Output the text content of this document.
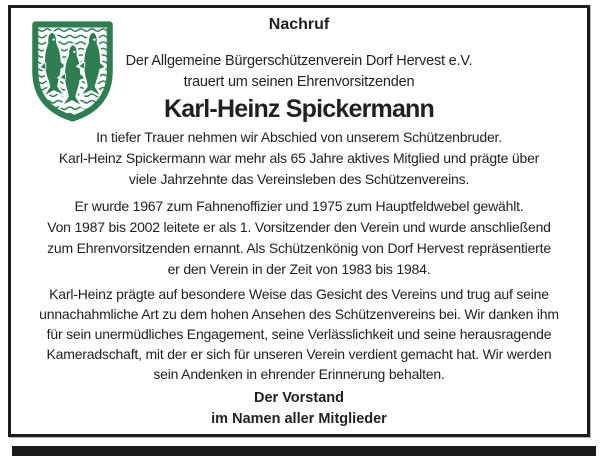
Nachruf
Der Allgemeine Bürgerschützenverein Dorf Hervest e.V.
trauert um seinen Ehrenvorsitzenden
Karl-Heinz Spickermann
In tiefer Trauer nehmen wir Abschied von unserem Schützenbruder.
Karl-Heinz Spickermann war mehr als 65 Jahre aktives Mitglied und prägte über
viele Jahrzehnte das Vereinsleben des Schützenvereins.
Er wurde 1967 zum Fahnenoffizier und 1975 zum Hauptfeldwebel gewählt.
Von 1987 bis 2002 leitete er als 1. Vorsitzender den Verein und wurde anschließend
zum Ehrenvorsitzenden ernannt. Als Schützenkönig von Dorf Hervest repräsentierte
er den Verein in der Zeit von 1983 bis 1984.
Karl-Heinz prägte auf besondere Weise das Gesicht des Vereins und trug auf seine
unnachahmliche Art zu dem hohen Ansehen des Schützenvereins bei. Wir danken ihm
für sein unermüdliches Engagement, seine Verlässlichkeit und seine herausragende
Kameradschaft, mit der er sich für unseren Verein verdient gemacht hat. Wir werden
sein Andenken in ehrender Erinnerung behalten.
Der Vorstand
im Namen aller Mitglieder
